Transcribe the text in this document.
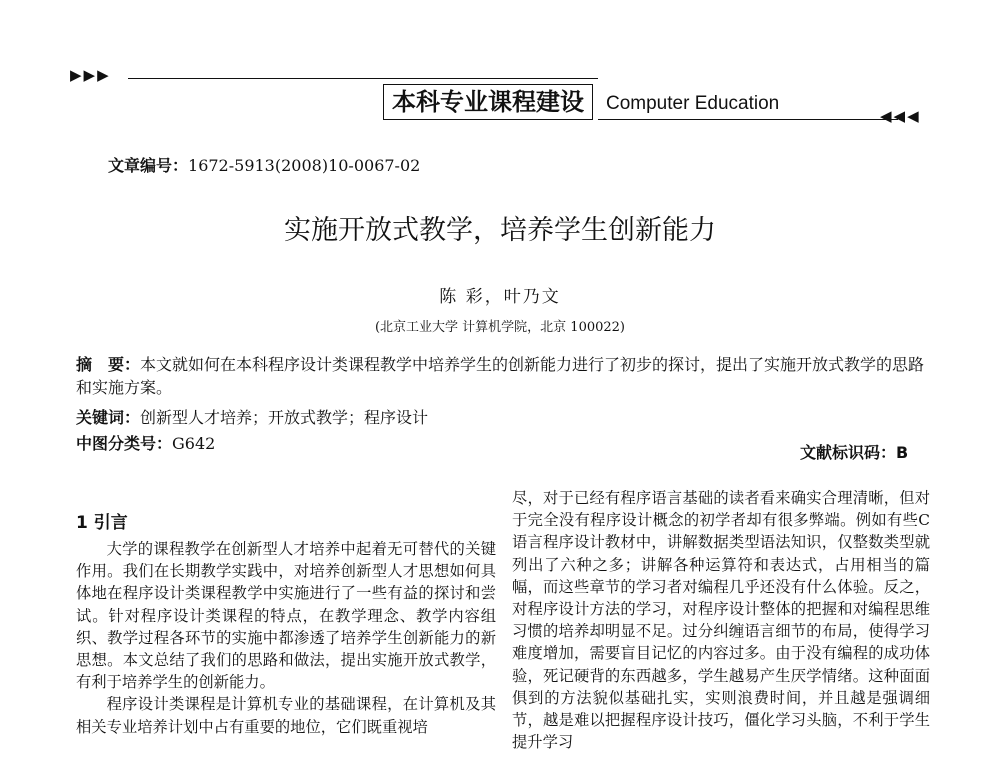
▶▶▶
本科专业课程建设	Computer Education
◀◀◀
文章编号：1672-5913(2008)10-0067-02
实施开放式教学，培养学生创新能力
陈 彩，叶乃文
(北京工业大学 计算机学院，北京 100022)
摘　要：本文就如何在本科程序设计类课程教学中培养学生的创新能力进行了初步的探讨，提出了实施开放式教学的思路和实施方案。
关键词：创新型人才培养；开放式教学；程序设计
中图分类号：G642	文献标识码：B
1 引言

大学的课程教学在创新型人才培养中起着无可替代的关键作用。我们在长期教学实践中，对培养创新型人才思想如何具体地在程序设计类课程教学中实施进行了一些有益的探讨和尝试。针对程序设计类课程的特点，在教学理念、教学内容组织、教学过程各环节的实施中都渗透了培养学生创新能力的新思想。本文总结了我们的思路和做法，提出实施开放式教学，有利于培养学生的创新能力。

程序设计类课程是计算机专业的基础课程，在计算机及其相关专业培养计划中占有重要的地位，它们既重视培

尽，对于已经有程序语言基础的读者看来确实合理清晰，但对于完全没有程序设计概念的初学者却有很多弊端。例如有些C语言程序设计教材中，讲解数据类型语法知识，仅整数类型就列出了六种之多；讲解各种运算符和表达式，占用相当的篇幅，而这些章节的学习者对编程几乎还没有什么体验。反之，对程序设计方法的学习，对程序设计整体的把握和对编程思维习惯的培养却明显不足。过分纠缠语言细节的布局，使得学习难度增加，需要盲目记忆的内容过多。由于没有编程的成功体验，死记硬背的东西越多，学生越易产生厌学情绪。这种面面俱到的方法貌似基础扎实，实则浪费时间，并且越是强调细节，越是难以把握程序设计技巧，僵化学习头脑，不利于学生提升学习
